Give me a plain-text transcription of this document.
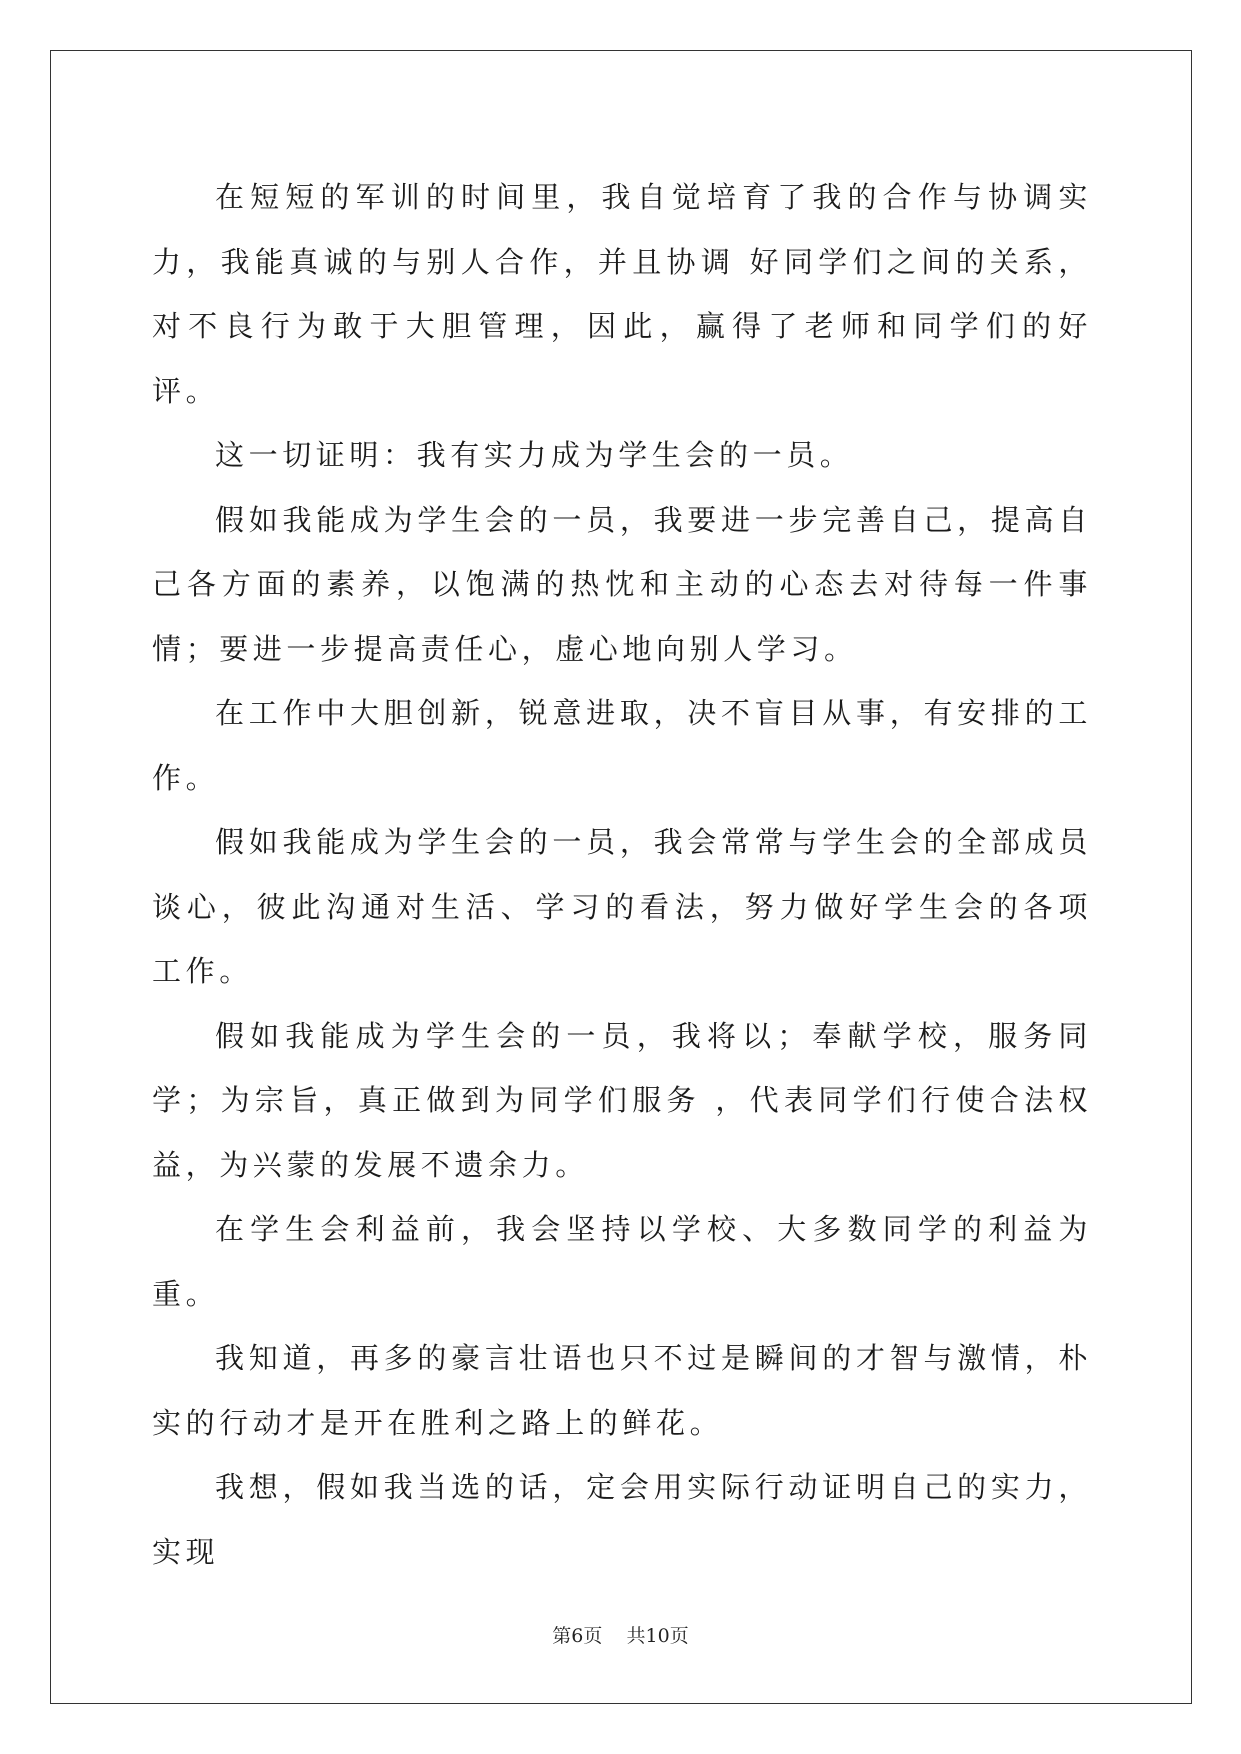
在短短的军训的时间里，我自觉培育了我的合作与协调实力，我能真诚的与别人合作，并且协调 好同学们之间的关系，对不良行为敢于大胆管理，因此，赢得了老师和同学们的好评。

这一切证明：我有实力成为学生会的一员。

假如我能成为学生会的一员，我要进一步完善自己，提高自己各方面的素养，以饱满的热忱和主动的心态去对待每一件事情；要进一步提高责任心，虚心地向别人学习。

在工作中大胆创新，锐意进取，决不盲目从事，有安排的工作。

假如我能成为学生会的一员，我会常常与学生会的全部成员谈心，彼此沟通对生活、学习的看法，努力做好学生会的各项工作。

假如我能成为学生会的一员，我将以；奉献学校，服务同学；为宗旨，真正做到为同学们服务 ，代表同学们行使合法权益，为兴蒙的发展不遗余力。

在学生会利益前，我会坚持以学校、大多数同学的利益为重。

我知道，再多的豪言壮语也只不过是瞬间的才智与激情，朴实的行动才是开在胜利之路上的鲜花。

我想，假如我当选的话，定会用实际行动证明自己的实力，实现

第6页 共10页
